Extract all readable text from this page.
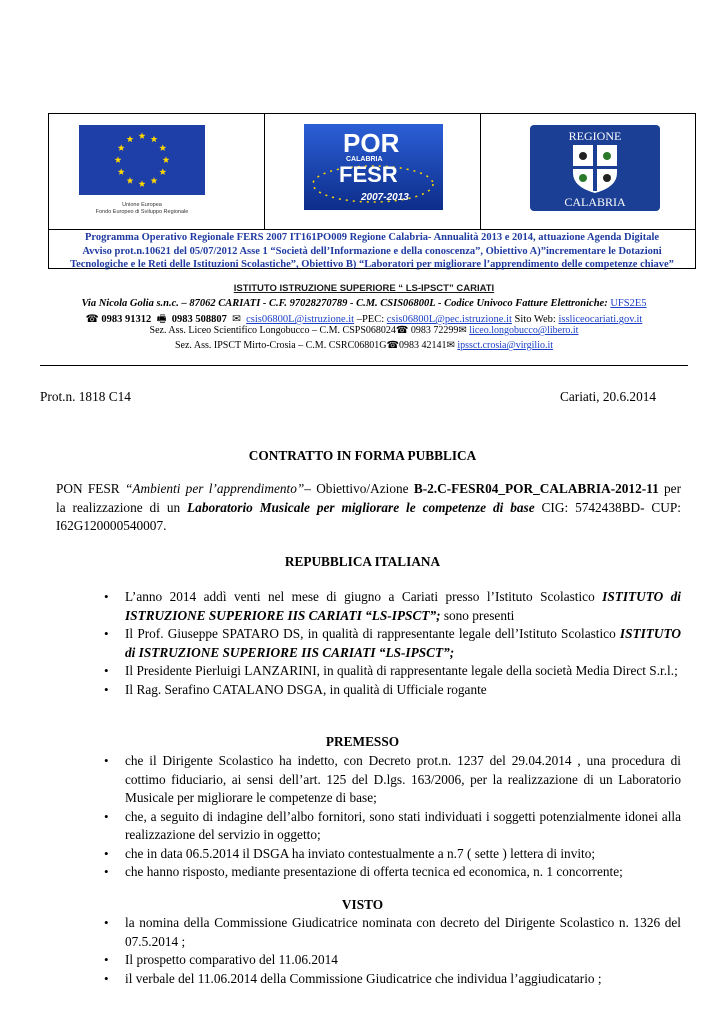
Unione Europea
Fondo Europeo di Sviluppo Regionale
POR
CALABRIA
FESR
2007-2013
REGIONE
CALABRIA
Programma Operativo Regionale FERS 2007 IT161PO009 Regione Calabria- Annualità 2013 e 2014, attuazione Agenda Digitale
Avviso prot.n.10621 del 05/07/2012 Asse 1 “Società dell’Informazione e della conoscenza”, Obiettivo A)”incrementare le Dotazioni
Tecnologiche e le Reti delle Istituzioni Scolastiche”, Obiettivo B) “Laboratori per migliorare l’apprendimento delle competenze chiave”
ISTITUTO ISTRUZIONE SUPERIORE “ LS-IPSCT” CARIATI
Via Nicola Golia s.n.c. – 87062 CARIATI - C.F. 97028270789 - C.M. CSIS06800L - Codice Univoco Fatture Elettroniche: UFS2E5
☎ 0983 91312  🖷  0983 508807  ✉  csis06800L@istruzione.it –PEC: csis06800L@pec.istruzione.it Sito Web: issliceocariati.gov.it
Sez. Ass. Liceo Scientifico Longobucco – C.M. CSPS068024☎ 0983 72299✉ liceo.longobucco@libero.it
Sez. Ass. IPSCT Mirto-Crosia – C.M. CSRC06801G☎0983 42141✉ ipssct.crosia@virgilio.it
Prot.n. 1818 C14	Cariati, 20.6.2014
CONTRATTO IN FORMA PUBBLICA
PON FESR “Ambienti per l’apprendimento”– Obiettivo/Azione B-2.C-FESR04_POR_CALABRIA-2012-11 per
la realizzazione di un Laboratorio Musicale per migliorare le competenze di base CIG: 5742438BD- CUP:
I62G120000540007.
REPUBBLICA ITALIANA
• L’anno 2014 addì venti nel mese di giugno a Cariati presso l’Istituto Scolastico ISTITUTO di ISTRUZIONE SUPERIORE IIS CARIATI “LS-IPSCT”; sono presenti
• Il Prof. Giuseppe SPATARO DS, in qualità di rappresentante legale dell’Istituto Scolastico ISTITUTO di ISTRUZIONE SUPERIORE IIS CARIATI “LS-IPSCT”;
• Il Presidente Pierluigi LANZARINI, in qualità di rappresentante legale della società Media Direct S.r.l.;
• Il Rag. Serafino CATALANO DSGA, in qualità di Ufficiale rogante
PREMESSO
• che il Dirigente Scolastico ha indetto, con Decreto prot.n. 1237 del 29.04.2014 , una procedura di cottimo fiduciario, ai sensi dell’art. 125 del D.lgs. 163/2006, per la realizzazione di un Laboratorio Musicale per migliorare le competenze di base;
• che, a seguito di indagine dell’albo fornitori, sono stati individuati i soggetti potenzialmente idonei alla realizzazione del servizio in oggetto;
• che in data 06.5.2014 il DSGA ha inviato contestualmente a n.7 ( sette ) lettera di invito;
• che hanno risposto, mediante presentazione di offerta tecnica ed economica, n. 1 concorrente;
VISTO
• la nomina della Commissione Giudicatrice nominata con decreto del Dirigente Scolastico n. 1326 del 07.5.2014 ;
• Il prospetto comparativo del 11.06.2014
• il verbale del 11.06.2014 della Commissione Giudicatrice che individua l’aggiudicatario ;
